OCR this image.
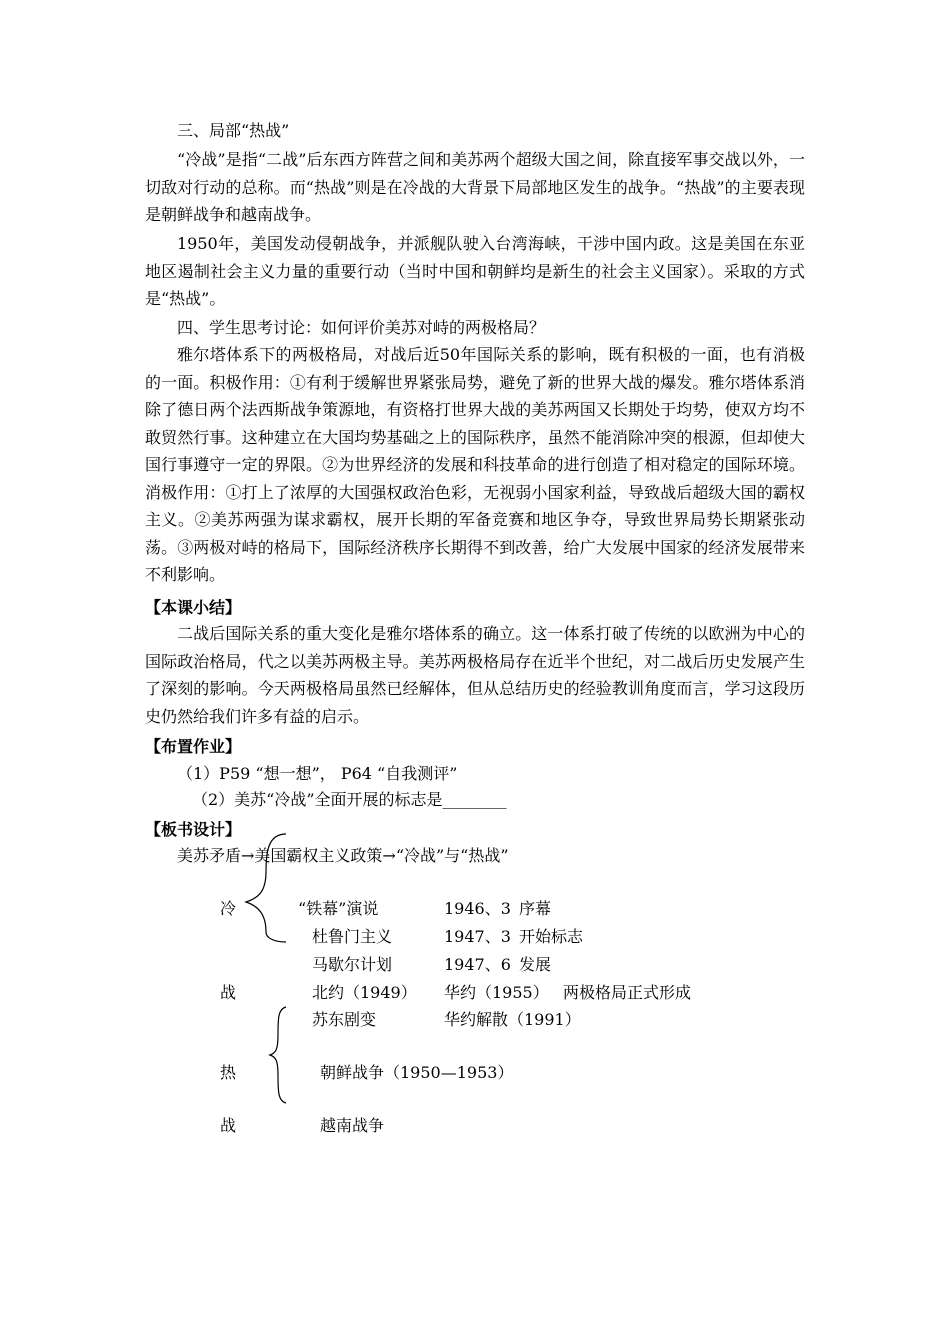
三、局部“热战”
“冷战”是指“二战”后东西方阵营之间和美苏两个超级大国之间，除直接军事交战以外，一切敌对行动的总称。而“热战”则是在冷战的大背景下局部地区发生的战争。“热战”的主要表现是朝鲜战争和越南战争。
1950年，美国发动侵朝战争，并派舰队驶入台湾海峡，干涉中国内政。这是美国在东亚地区遏制社会主义力量的重要行动（当时中国和朝鲜均是新生的社会主义国家）。采取的方式是“热战”。
四、学生思考讨论：如何评价美苏对峙的两极格局？
雅尔塔体系下的两极格局，对战后近50年国际关系的影响，既有积极的一面，也有消极的一面。积极作用：①有利于缓解世界紧张局势，避免了新的世界大战的爆发。雅尔塔体系消除了德日两个法西斯战争策源地，有资格打世界大战的美苏两国又长期处于均势，使双方均不敢贸然行事。这种建立在大国均势基础之上的国际秩序，虽然不能消除冲突的根源，但却使大国行事遵守一定的界限。②为世界经济的发展和科技革命的进行创造了相对稳定的国际环境。消极作用：①打上了浓厚的大国强权政治色彩，无视弱小国家利益，导致战后超级大国的霸权主义。②美苏两强为谋求霸权，展开长期的军备竞赛和地区争夺，导致世界局势长期紧张动荡。③两极对峙的格局下，国际经济秩序长期得不到改善，给广大发展中国家的经济发展带来不利影响。
【本课小结】
二战后国际关系的重大变化是雅尔塔体系的确立。这一体系打破了传统的以欧洲为中心的国际政治格局，代之以美苏两极主导。美苏两极格局存在近半个世纪，对二战后历史发展产生了深刻的影响。今天两极格局虽然已经解体，但从总结历史的经验教训角度而言，学习这段历史仍然给我们许多有益的启示。
【布置作业】
（1）P59 “想一想”， P64 “自我测评”
（2）美苏“冷战”全面开展的标志是________
【板书设计】
美苏矛盾→美国霸权主义政策→“冷战”与“热战”
冷
战
热
战
“铁幕”演说	1946、3 序幕
杜鲁门主义	1947、3 开始标志
马歇尔计划	1947、6 发展
北约（1949） 华约（1955） 两极格局正式形成
苏东剧变	华约解散（1991）
朝鲜战争（1950—1953）
越南战争
